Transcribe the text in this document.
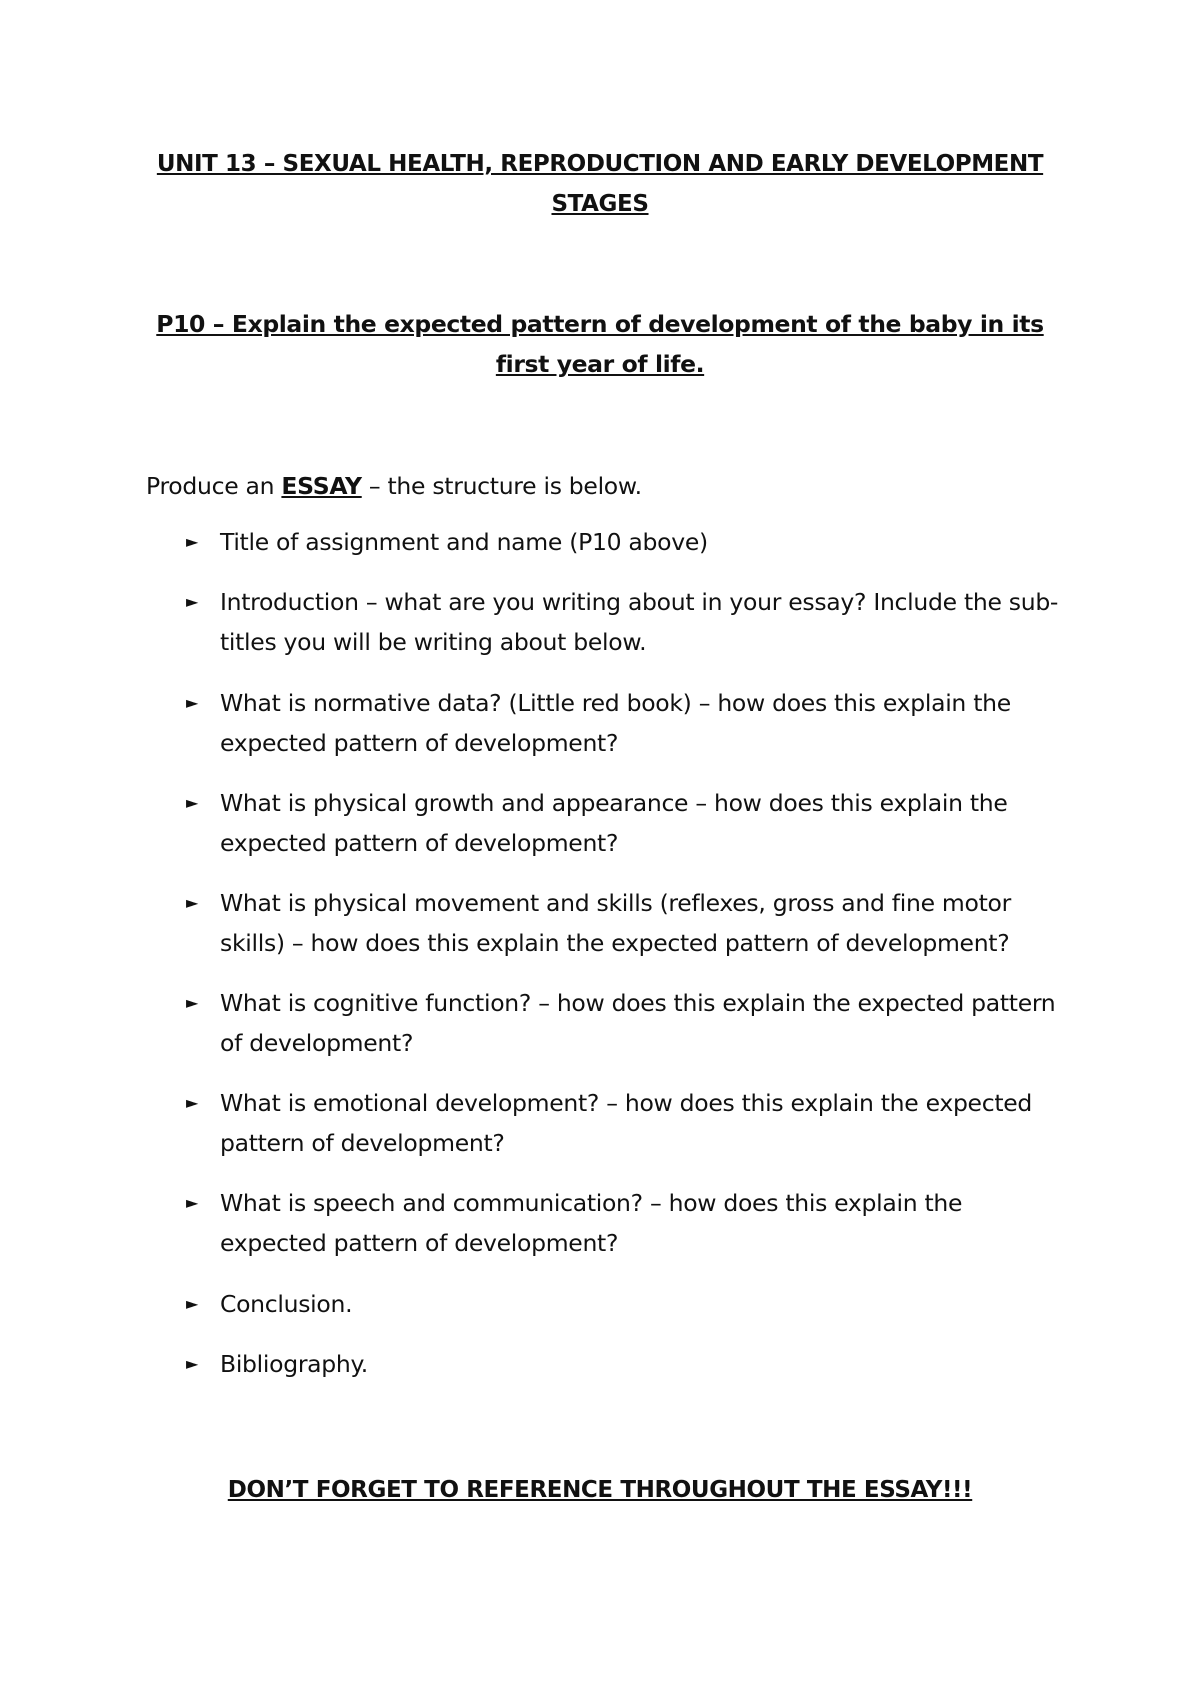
UNIT 13 – SEXUAL HEALTH, REPRODUCTION AND EARLY DEVELOPMENT STAGES
P10 – Explain the expected pattern of development of the baby in its first year of life.
Produce an ESSAY – the structure is below.
► Title of assignment and name (P10 above)
► Introduction – what are you writing about in your essay? Include the sub-titles you will be writing about below.
► What is normative data? (Little red book) – how does this explain the expected pattern of development?
► What is physical growth and appearance – how does this explain the expected pattern of development?
► What is physical movement and skills (reflexes, gross and fine motor skills) – how does this explain the expected pattern of development?
► What is cognitive function? – how does this explain the expected pattern of development?
► What is emotional development? – how does this explain the expected pattern of development?
► What is speech and communication? – how does this explain the expected pattern of development?
► Conclusion.
► Bibliography.
DON’T FORGET TO REFERENCE THROUGHOUT THE ESSAY!!!
